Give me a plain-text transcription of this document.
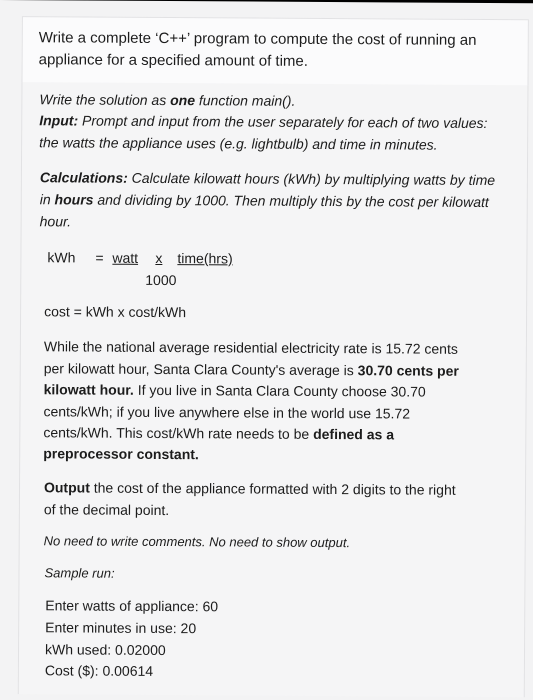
Write a complete ‘C++’ program to compute the cost of running an
appliance for a specified amount of time.
Write the solution as one function main().
Input: Prompt and input from the user separately for each of two values:
the watts the appliance uses (e.g. lightbulb) and time in minutes.
Calculations: Calculate kilowatt hours (kWh) by multiplying watts by time
in hours and dividing by 1000. Then multiply this by the cost per kilowatt
hour.
kWh = watt x time(hrs)
1000
cost = kWh x cost/kWh
While the national average residential electricity rate is 15.72 cents
per kilowatt hour, Santa Clara County's average is 30.70 cents per
kilowatt hour. If you live in Santa Clara County choose 30.70
cents/kWh; if you live anywhere else in the world use 15.72
cents/kWh. This cost/kWh rate needs to be defined as a
preprocessor constant.
Output the cost of the appliance formatted with 2 digits to the right
of the decimal point.
No need to write comments. No need to show output.
Sample run:
Enter watts of appliance: 60
Enter minutes in use: 20
kWh used: 0.02000
Cost ($): 0.00614
